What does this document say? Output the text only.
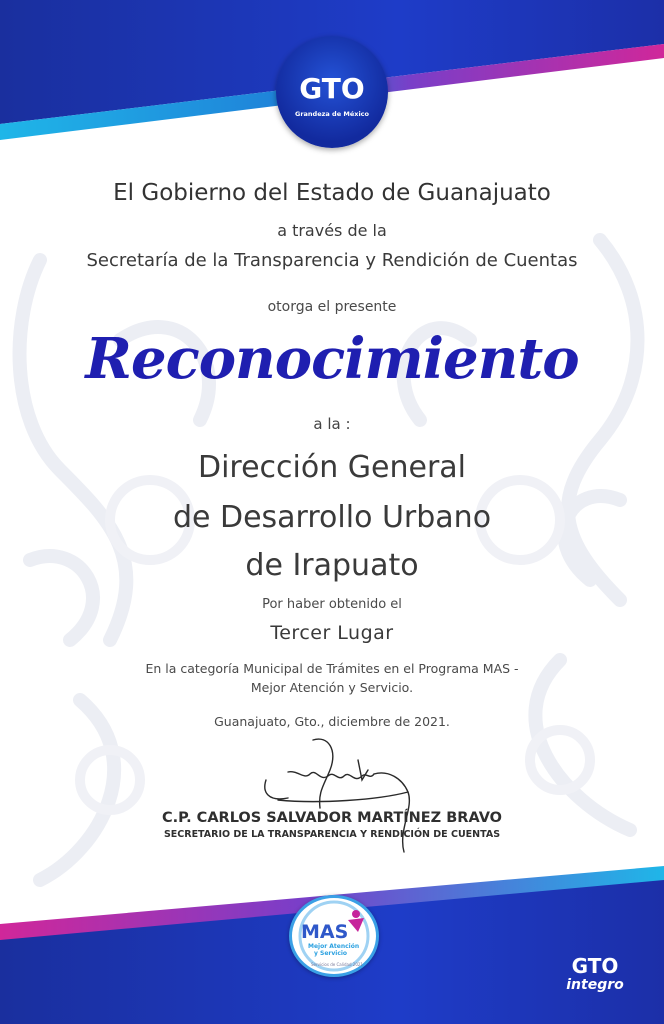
GTO
Grandeza de México
El Gobierno del Estado de Guanajuato
a través de la
Secretaría de la Transparencia y Rendición de Cuentas
otorga el presente
Reconocimiento
a la :
Dirección General
de Desarrollo Urbano
de Irapuato
Por haber obtenido el
Tercer Lugar
En la categoría Municipal de Trámites en el Programa MAS -
Mejor Atención y Servicio.
Guanajuato, Gto., diciembre de 2021.
C.P. CARLOS SALVADOR MARTÍNEZ BRAVO
SECRETARIO DE LA TRANSPARENCIA Y RENDICIÓN DE CUENTAS
MAS
Mejor Atención
y Servicio
Servicios de Calidad 2021	GTO
integro
